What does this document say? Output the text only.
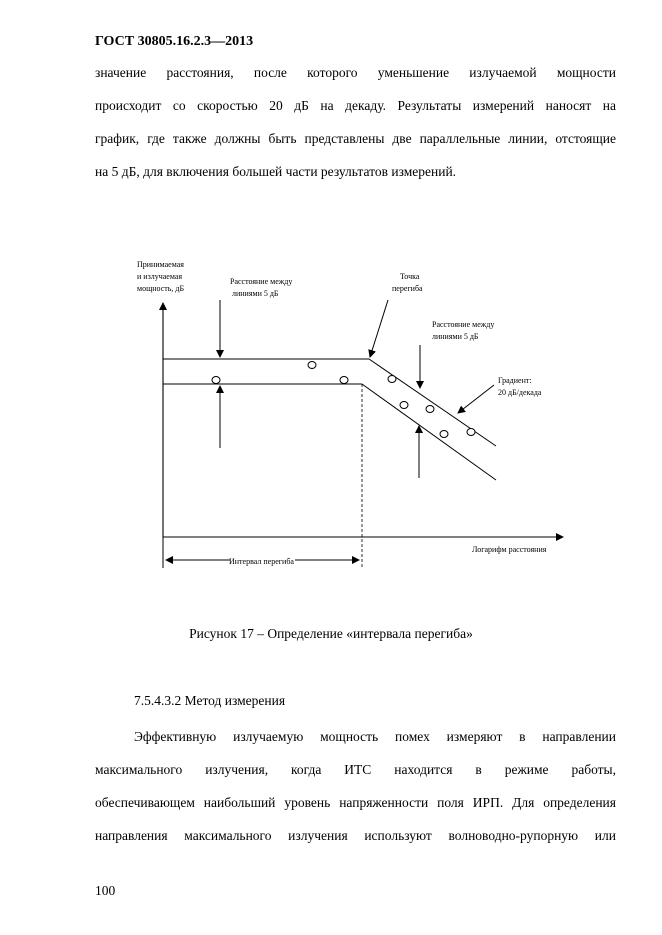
ГОСТ 30805.16.2.3—2013
значение расстояния, после которого уменьшение излучаемой мощности
происходит со скоростью 20 дБ на декаду. Результаты измерений наносят на
график, где также должны быть представлены две параллельные линии, отстоящие
на 5 дБ, для включения большей части результатов измерений.
Принимаемая
и излучаемая
мощность, дБ
Расстояние между
линиями 5 дБ
Точка
перегиба
Расстояние между
линиями 5 дБ
Градиент:
20 дБ/декада
Логарифм расстояния
Интервал перегиба
Рисунок 17 – Определение «интервала перегиба»
7.5.4.3.2 Метод измерения
Эффективную излучаемую мощность помех измеряют в направлении
максимального излучения, когда ИТС находится в режиме работы,
обеспечивающем наибольший уровень напряженности поля ИРП. Для определения
направления максимального излучения используют волноводно-рупорную или
100
